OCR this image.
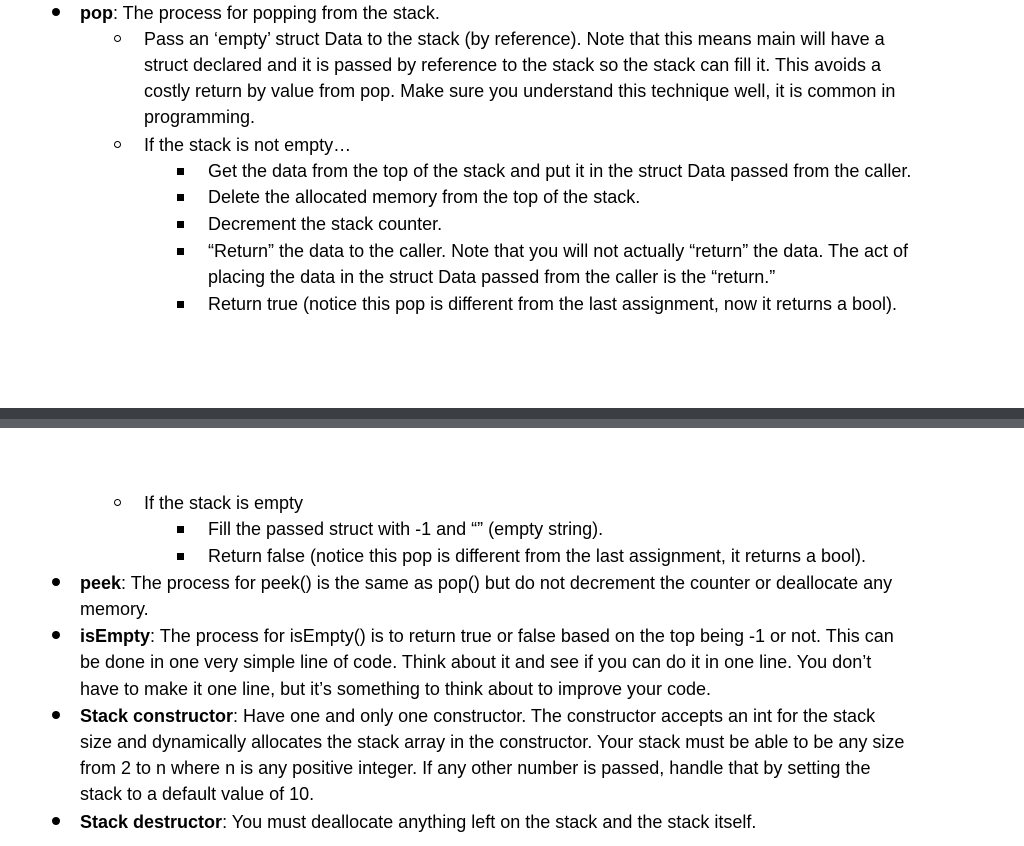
pop: The process for popping from the stack.
Pass an ‘empty’ struct Data to the stack (by reference). Note that this means main will have a
struct declared and it is passed by reference to the stack so the stack can fill it. This avoids a
costly return by value from pop. Make sure you understand this technique well, it is common in
programming.
If the stack is not empty…
Get the data from the top of the stack and put it in the struct Data passed from the caller.
Delete the allocated memory from the top of the stack.
Decrement the stack counter.
“Return” the data to the caller. Note that you will not actually “return” the data. The act of
placing the data in the struct Data passed from the caller is the “return.”
Return true (notice this pop is different from the last assignment, now it returns a bool).
If the stack is empty
Fill the passed struct with -1 and “” (empty string).
Return false (notice this pop is different from the last assignment, it returns a bool).
peek: The process for peek() is the same as pop() but do not decrement the counter or deallocate any
memory.
isEmpty: The process for isEmpty() is to return true or false based on the top being -1 or not. This can
be done in one very simple line of code. Think about it and see if you can do it in one line. You don’t
have to make it one line, but it’s something to think about to improve your code.
Stack constructor: Have one and only one constructor. The constructor accepts an int for the stack
size and dynamically allocates the stack array in the constructor. Your stack must be able to be any size
from 2 to n where n is any positive integer. If any other number is passed, handle that by setting the
stack to a default value of 10.
Stack destructor: You must deallocate anything left on the stack and the stack itself.
